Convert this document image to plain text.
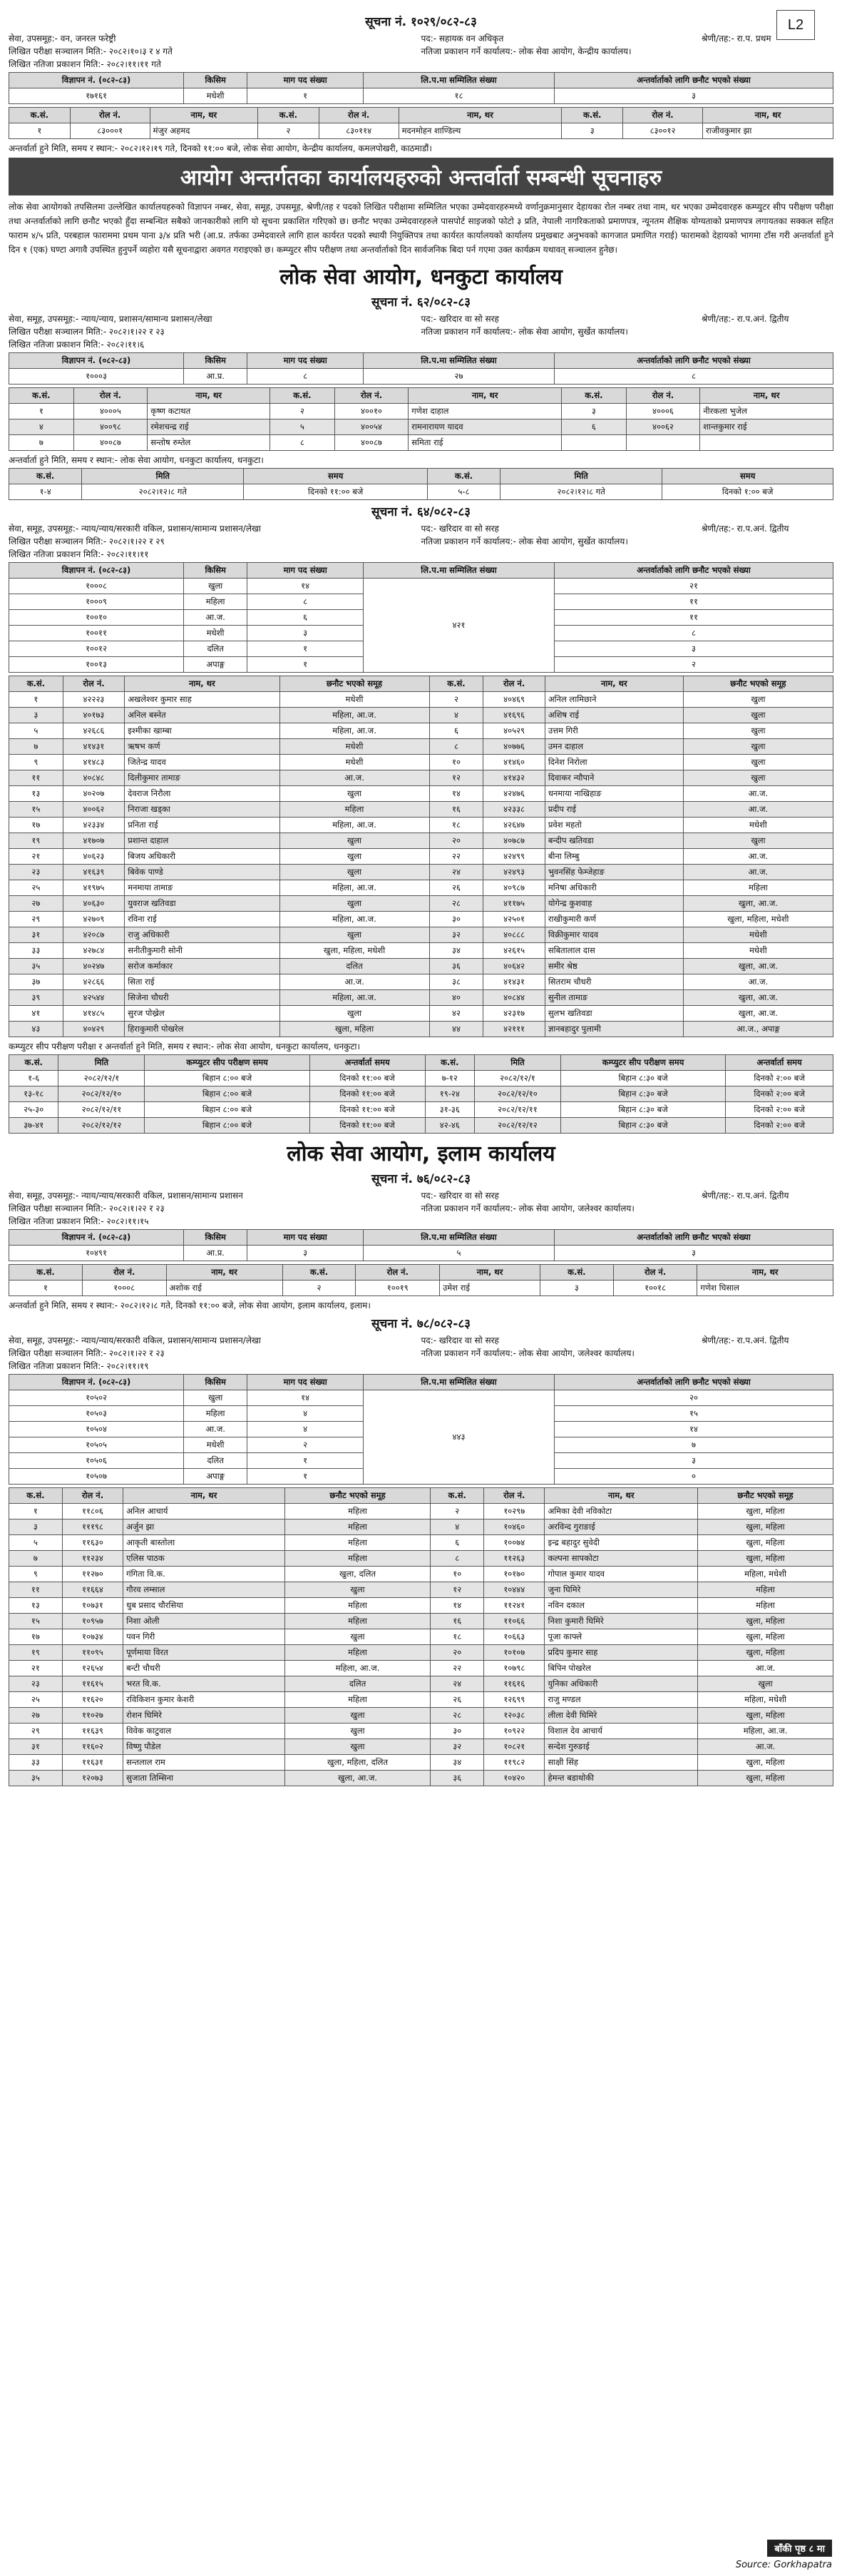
L2
सूचना नं. १०२९/०८२-८३
सेवा, उपसमूह:- वन, जनरल फरेष्ट्री	पद:- सहायक वन अधिकृत	श्रेणी/तह:- रा.प. प्रथम
लिखित परीक्षा सञ्चालन मिति:- २०८२।१०।३ र ४ गते	नतिजा प्रकाशन गर्ने कार्यालय:- लोक सेवा आयोग, केन्द्रीय कार्यालय।
लिखित नतिजा प्रकाशन मिति:- २०८२।११।११ गते
विज्ञापन नं. (०८२-८३)	किसिम	माग पद संख्या	लि.प.मा सम्मिलित संख्या	अन्तर्वार्ताको लागि छनौट भएको संख्या
१७१६१	मधेशी	१	१८	३
क.सं.	रोल नं.	नाम, थर	क.सं.	रोल नं.	नाम, थर	क.सं.	रोल नं.	नाम, थर
१	८३०००१	मंजुर अहमद	२	८३०११४	मदनमोहन शाण्डिल्य	३	८३००१२	राजीवकुमार झा
अन्तर्वार्ता हुने मिति, समय र स्थान:- २०८२।१२।१९ गते, दिनको ११:०० बजे, लोक सेवा आयोग, केन्द्रीय कार्यालय, कमलपोखरी, काठमाडौं।
आयोग अन्तर्गतका कार्यालयहरुको अन्तर्वार्ता सम्बन्धी सूचनाहरु
लोक सेवा आयोगको तपसिलमा उल्लेखित कार्यालयहरुको विज्ञापन नम्बर, सेवा, समूह, उपसमूह, श्रेणी/तह र पदको लिखित परीक्षामा सम्मिलित भएका उम्मेदवारहरुमध्ये वर्णानुक्रमानुसार देहायका रोल नम्बर तथा नाम, थर भएका उम्मेदवारहरु कम्प्युटर सीप परीक्षण परीक्षा तथा अन्तर्वार्ताको लागि छनौट भएको हुँदा सम्बन्धित सबैको जानकारीको लागि यो सूचना प्रकाशित गरिएको छ। छनौट भएका उम्मेदवारहरुले पासपोर्ट साइजको फोटो ३ प्रति, नेपाली नागरिकताको प्रमाणपत्र, न्यूनतम शैक्षिक योग्यताको प्रमाणपत्र लगायतका सक्कल सहित फाराम ४/५ प्रति, परबहाल फाराममा प्रथम पाना ३/४ प्रति भरी (आ.प्र. तर्फका उम्मेदवारले लागि हाल कार्यरत पदको स्थायी नियुक्तिपत्र तथा कार्यरत कार्यालयको कार्यालय प्रमुखबाट अनुभवको कागजात प्रमाणित गराई) फारामको देहायको भागमा टाँस गरी अन्तर्वार्ता हुने दिन १ (एक) घण्टा अगावै उपस्थित हुनुपर्ने व्यहोरा यसै सूचनाद्वारा अवगत गराइएको छ। कम्प्युटर सीप परीक्षण तथा अन्तर्वार्ताको दिन सार्वजनिक बिदा पर्न गएमा उक्त कार्यक्रम यथावत् सञ्चालन हुनेछ।
लोक सेवा आयोग, धनकुटा कार्यालय
सूचना नं. ६२/०८२-८३
सेवा, समूह, उपसमूह:- न्याय/न्याय, प्रशासन/सामान्य प्रशासन/लेखा	पद:- खरिदार वा सो सरह	श्रेणी/तह:- रा.प.अनं. द्वितीय
लिखित परीक्षा सञ्चालन मिति:- २०८२।१।२२ र २३	नतिजा प्रकाशन गर्ने कार्यालय:- लोक सेवा आयोग, सुर्खेत कार्यालय।
लिखित नतिजा प्रकाशन मिति:- २०८२।११।६
विज्ञापन नं. (०८२-८३)	किसिम	माग पद संख्या	लि.प.मा सम्मिलित संख्या	अन्तर्वार्ताको लागि छनौट भएको संख्या
१०००३	आ.प्र.	८	२७	८
क.सं.	रोल नं.	नाम, थर	क.सं.	रोल नं.	नाम, थर	क.सं.	रोल नं.	नाम, थर
१	४०००५	कृष्ण कटाथत	२	४००१०	गणेश दाहाल	३	४०००६	नीरकला भुजेल
४	४००९८	रमेशचन्द्र राई	५	४००५४	रामनारायण यादव	६	४००६२	शान्तकुमार राई
७	४००८७	सन्तोष रुम्तेल	८	४००८७	समिता राई			
अन्तर्वार्ता हुने मिति, समय र स्थान:- लोक सेवा आयोग, धनकुटा कार्यालय, धनकुटा।
क.सं.	मिति	समय	क.सं.	मिति	समय
१-४	२०८२।१२।८ गते	दिनको ११:०० बजे	५-८	२०८२।१२।८ गते	दिनको १:०० बजे
सूचना नं. ६४/०८२-८३
सेवा, समूह, उपसमूह:- न्याय/न्याय/सरकारी वकिल, प्रशासन/सामान्य प्रशासन/लेखा	पद:- खरिदार वा सो सरह	श्रेणी/तह:- रा.प.अनं. द्वितीय
लिखित परीक्षा सञ्चालन मिति:- २०८२।१।२२ र २९	नतिजा प्रकाशन गर्ने कार्यालय:- लोक सेवा आयोग, सुर्खेत कार्यालय।
लिखित नतिजा प्रकाशन मिति:- २०८२।११।११
विज्ञापन नं. (०८२-८३)	किसिम	माग पद संख्या	लि.प.मा सम्मिलित संख्या	अन्तर्वार्ताको लागि छनौट भएको संख्या
१०००८	खुला	१४	४२१	२१
१०००९	महिला	८		११
१००१०	आ.ज.	६		११
१००११	मधेशी	३		८
१००१२	दलित	१		३
१००१३	अपाङ्ग	१		२
क.सं.	रोल नं.	नाम, थर	छनौट भएको समूह	क.सं.	रोल नं.	नाम, थर	छनौट भएको समूह
१	४२२२३	अखलेश्वर कुमार साह	मधेशी	२	४०४६९	अनिल लामिछाने	खुला
३	४०१७३	अनिल बस्नेत	महिला, आ.ज.	४	४१६९६	अशिष राई	खुला
५	४२६८६	इश्मीका खाम्बा	महिला, आ.ज.	६	४०५२९	उत्तम गिरी	खुला
७	४१४३१	ऋषभ कर्ण	मधेशी	८	४०७७६	उमन दाहाल	खुला
९	४१४८३	जितेन्द्र यादव	मधेशी	१०	४१४६०	दिनेश निरोला	खुला
११	४०८४८	दिलीकुमार तामाङ	आ.ज.	१२	४१४३२	दिवाकर न्यौपाने	खुला
१३	४०२०७	देवराज निरौला	खुला	१४	४२४७६	धनमाया नाखिहाङ	आ.ज.
१५	४००६२	निराजा खड्का	महिला	१६	४२३३८	प्रदीप राई	आ.ज.
१७	४२३३४	प्रनिता राई	महिला, आ.ज.	१८	४२६४७	प्रवेश महतो	मधेशी
१९	४१७०७	प्रशान्त दाहाल	खुला	२०	४०७८७	बन्दीप खतिवडा	खुला
२१	४०६२३	बिजय अधिकारी	खुला	२२	४२४९९	बीना लिम्बु	आ.ज.
२३	४१६३९	बिवेक पाण्डे	खुला	२४	४२४९३	भुवनसिंह फेम्जेहाङ	आ.ज.
२५	४१९७५	मनमाया तामाङ	महिला, आ.ज.	२६	४०९८७	मनिषा अधिकारी	महिला
२७	४०६३०	युवराज खतिवडा	खुला	२८	४११७५	योगेन्द्र कुशवाह	खुला, आ.ज.
२९	४२७०९	रविना राई	महिला, आ.ज.	३०	४२५०१	राखीकुमारी कर्ण	खुला, महिला, मधेशी
३१	४२०८७	राजु अधिकारी	खुला	३२	४०८८८	विक्रीकुमार यादव	मधेशी
३३	४२७८४	सनीतीकुमारी सोनी	खुला, महिला, मधेशी	३४	४२६१५	सबितालाल दास	मधेशी
३५	४०२४७	सरोज कर्माकार	दलित	३६	४०६४२	समीर श्रेष्ठ	खुला, आ.ज.
३७	४२८६६	सिता राई	आ.ज.	३८	४१४३१	सितराम चौधरी	आ.ज.
३९	४२५४४	सिजेना चौधरी	महिला, आ.ज.	४०	४०८४४	सुनील तामाङ	खुला, आ.ज.
४१	४१४८५	सुरज पोख्रेल	खुला	४२	४२३१७	सुलभ खतिवडा	खुला, आ.ज.
४३	४०४२९	हिराकुमारी पोखरेल	खुला, महिला	४४	४२१११	ज्ञानबहादुर पुलामी	आ.ज., अपाङ्ग
कम्प्युटर सीप परीक्षण परीक्षा र अन्तर्वार्ता हुने मिति, समय र स्थान:- लोक सेवा आयोग, धनकुटा कार्यालय, धनकुटा।
क.सं.	मिति	कम्प्युटर सीप परीक्षण समय	अन्तर्वार्ता समय	क.सं.	मिति	कम्प्युटर सीप परीक्षण समय	अन्तर्वार्ता समय
१-६	२०८२/१२/१	बिहान ८:०० बजे	दिनको ११:०० बजे	७-१२	२०८२/१२/१	बिहान ८:३० बजे	दिनको २:०० बजे
१३-१८	२०८२/१२/१०	बिहान ८:०० बजे	दिनको ११:०० बजे	१९-२४	२०८२/१२/१०	बिहान ८:३० बजे	दिनको २:०० बजे
२५-३०	२०८२/१२/११	बिहान ८:०० बजे	दिनको ११:०० बजे	३१-३६	२०८२/१२/११	बिहान ८:३० बजे	दिनको २:०० बजे
३७-४१	२०८२/१२/१२	बिहान ८:०० बजे	दिनको ११:०० बजे	४२-४६	२०८२/१२/१२	बिहान ८:३० बजे	दिनको २:०० बजे
लोक सेवा आयोग, इलाम कार्यालय
सूचना नं. ७६/०८२-८३
सेवा, समूह, उपसमूह:- न्याय/न्याय/सरकारी वकिल, प्रशासन/सामान्य प्रशासन	पद:- खरिदार वा सो सरह	श्रेणी/तह:- रा.प.अनं. द्वितीय
लिखित परीक्षा सञ्चालन मिति:- २०८२।१।२२ र २३	नतिजा प्रकाशन गर्ने कार्यालय:- लोक सेवा आयोग, जलेश्वर कार्यालय।
लिखित नतिजा प्रकाशन मिति:- २०८२।११।१५
विज्ञापन नं. (०८२-८३)	किसिम	माग पद संख्या	लि.प.मा सम्मिलित संख्या	अन्तर्वार्ताको लागि छनौट भएको संख्या
१०४९१	आ.प्र.	३	५	३
क.सं.	रोल नं.	नाम, थर	क.सं.	रोल नं.	नाम, थर	क.सं.	रोल नं.	नाम, थर
१	१०००८	अशोक राई	२	१००१९	उमेश राई	३	१००१८	गणेश घिसाल
अन्तर्वार्ता हुने मिति, समय र स्थान:- २०८२।१२।८ गते, दिनको ११:०० बजे, लोक सेवा आयोग, इलाम कार्यालय, इलाम।
सूचना नं. ७८/०८२-८३
सेवा, समूह, उपसमूह:- न्याय/न्याय/सरकारी वकिल, प्रशासन/सामान्य प्रशासन/लेखा	पद:- खरिदार वा सो सरह	श्रेणी/तह:- रा.प.अनं. द्वितीय
लिखित परीक्षा सञ्चालन मिति:- २०८२।१।२२ र २३	नतिजा प्रकाशन गर्ने कार्यालय:- लोक सेवा आयोग, जलेश्वर कार्यालय।
लिखित नतिजा प्रकाशन मिति:- २०८२।११।१९
विज्ञापन नं. (०८२-८३)	किसिम	माग पद संख्या	लि.प.मा सम्मिलित संख्या	अन्तर्वार्ताको लागि छनौट भएको संख्या
१०५०२	खुला	१४	४४३	२०
१०५०३	महिला	४		१५
१०५०४	आ.ज.	४		१४
१०५०५	मधेशी	२		७
१०५०६	दलित	१		३
१०५०७	अपाङ्ग	१		०
क.सं.	रोल नं.	नाम, थर	छनौट भएको समूह	क.सं.	रोल नं.	नाम, थर	छनौट भएको समूह
१	११८०६	अनिल आचार्य	महिला	२	१०२९७	अमिका देवी नविकोटा	खुला, महिला
३	१११९८	अर्जुन झा	महिला	४	१०४६०	अरविन्द गुराङाई	खुला, महिला
५	११६३०	आकृती बास्तोला	महिला	६	१००७४	इन्द्र बहादुर सुवेदी	खुला, महिला
७	११२३४	एलिस पाठक	महिला	८	११२६३	कल्पना सापकोटा	खुला, महिला
९	११२७०	गंगिता वि.क.	खुला, दलित	१०	१०१७०	गोपाल कुमार यादव	महिला, मधेशी
११	११६६४	गौरव लम्साल	खुला	१२	१०४४४	जुना घिमिरे	महिला
१३	१०७३१	धुब प्रसाद चौरसिया	महिला	१४	११२४१	नविन दकाल	महिला
१५	१०९५७	निशा ओली	महिला	१६	११०६६	निशा कुमारी घिमिरे	खुला, महिला
१७	१०७३४	पवन गिरी	खुला	१८	१०६६३	पूजा काफ्ले	खुला, महिला
१९	११०९५	पूर्णमाया विरत	महिला	२०	१०१०७	प्रदिप कुमार साह	खुला, महिला
२१	१२६५४	बन्टी चौधरी	महिला, आ.ज.	२२	१०७९८	बिपिन पोखरेल	आ.ज.
२३	११६१५	भरत वि.क.	दलित	२४	११६१६	युनिका अधिकारी	खुला
२५	११६२०	रविकिशन कुमार केशरी	महिला	२६	१२६९९	राजु मण्डल	महिला, मधेशी
२७	११०२७	रोशन घिमिरे	खुला	२८	१२०३८	लीला देवी घिमिरे	खुला, महिला
२९	११६३९	विवेक काटुवाल	खुला	३०	१०९२२	विशाल देव आचार्य	महिला, आ.ज.
३१	११६०२	विष्णु पौडेल	खुला	३२	१०८२१	सन्देश गुरुङाई	आ.ज.
३३	११६३१	सन्तलाल राम	खुला, महिला, दलित	३४	११९८२	साक्षी सिंह	खुला, महिला
३५	१२०७३	सुजाता तिम्सिना	खुला, आ.ज.	३६	१०४२०	हेमन्त बडाथोकी	खुला, महिला
बाँकी पृष्ठ ८ मा
Source: Gorkhapatra
